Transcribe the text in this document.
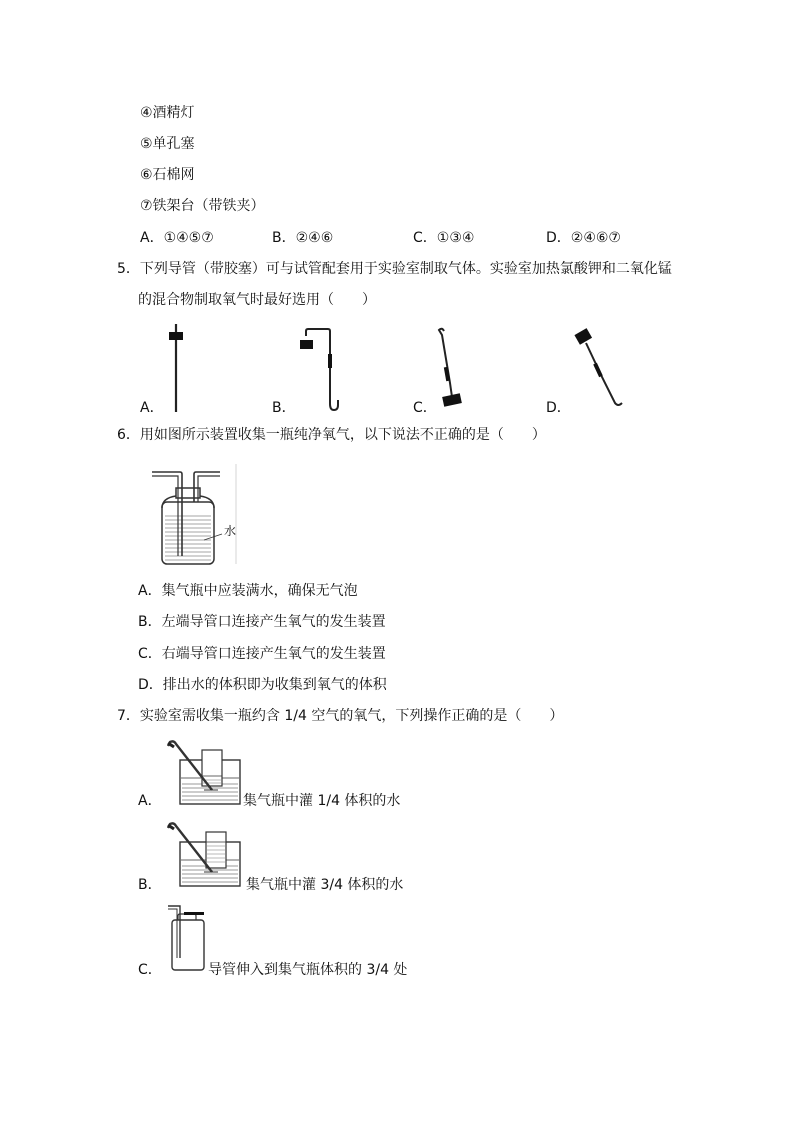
④酒精灯
⑤单孔塞
⑥石棉网
⑦铁架台（带铁夹）
A．①④⑤⑦	B．②④⑥	C．①③④	D．②④⑥⑦
5．下列导管（带胶塞）可与试管配套用于实验室制取气体。实验室加热氯酸钾和二氧化锰
的混合物制取氧气时最好选用（　　）
A．	B．	C．	D．
6．用如图所示装置收集一瓶纯净氧气，以下说法不正确的是（　　）
水
A．集气瓶中应装满水，确保无气泡
B．左端导管口连接产生氧气的发生装置
C．右端导管口连接产生氧气的发生装置
D．排出水的体积即为收集到氧气的体积
7．实验室需收集一瓶约含 1/4 空气的氧气，下列操作正确的是（　　）
A．	集气瓶中灌 1/4 体积的水
B．	集气瓶中灌 3/4 体积的水
C．	导管伸入到集气瓶体积的 3/4 处
